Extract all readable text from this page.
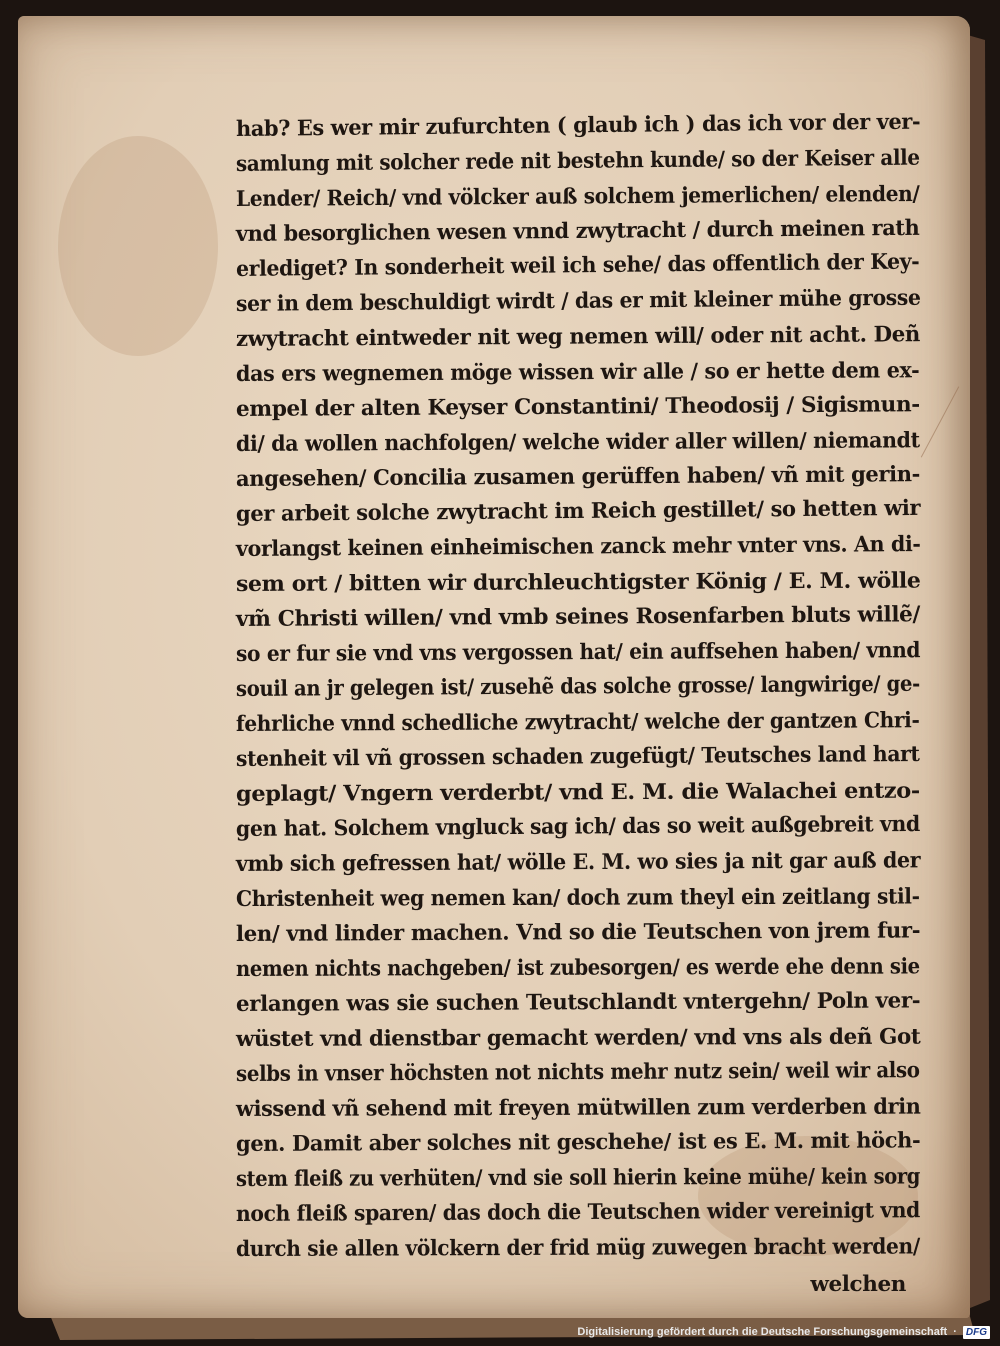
hab? Es wer mir zufurchten ( glaub ich ) das ich vor der ver-
samlung mit solcher rede nit bestehn kunde/ so der Keiser alle
Lender/ Reich/ vnd völcker auß solchem jemerlichen/ elenden/
vnd besorglichen wesen vnnd zwytracht / durch meinen rath
erlediget? In sonderheit weil ich sehe/ das offentlich der Key-
ser in dem beschuldigt wirdt / das er mit kleiner mühe grosse
zwytracht eintweder nit weg nemen will/ oder nit acht. Deñ
das ers wegnemen möge wissen wir alle / so er hette dem ex-
empel der alten Keyser Constantini/ Theodosij / Sigismun-
di/ da wollen nachfolgen/ welche wider aller willen/ niemandt
angesehen/ Concilia zusamen gerüffen haben/ vñ mit gerin-
ger arbeit solche zwytracht im Reich gestillet/ so hetten wir
vorlangst keinen einheimischen zanck mehr vnter vns. An di-
sem ort / bitten wir durchleuchtigster König / E. M. wölle
vm̃ Christi willen/ vnd vmb seines Rosenfarben bluts willẽ/
so er fur sie vnd vns vergossen hat/ ein auffsehen haben/ vnnd
souil an jr gelegen ist/ zusehẽ das solche grosse/ langwirige/ ge-
fehrliche vnnd schedliche zwytracht/ welche der gantzen Chri-
stenheit vil vñ grossen schaden zugefügt/ Teutsches land hart
geplagt/ Vngern verderbt/ vnd E. M. die Walachei entzo-
gen hat. Solchem vngluck sag ich/ das so weit außgebreit vnd
vmb sich gefressen hat/ wölle E. M. wo sies ja nit gar auß der
Christenheit weg nemen kan/ doch zum theyl ein zeitlang stil-
len/ vnd linder machen. Vnd so die Teutschen von jrem fur-
nemen nichts nachgeben/ ist zubesorgen/ es werde ehe denn sie
erlangen was sie suchen Teutschlandt vntergehn/ Poln ver-
wüstet vnd dienstbar gemacht werden/ vnd vns als deñ Got
selbs in vnser höchsten not nichts mehr nutz sein/ weil wir also
wissend vñ sehend mit freyen mütwillen zum verderben drin
gen. Damit aber solches nit geschehe/ ist es E. M. mit höch-
stem fleiß zu verhüten/ vnd sie soll hierin keine mühe/ kein sorg
noch fleiß sparen/ das doch die Teutschen wider vereinigt vnd
durch sie allen völckern der frid müg zuwegen bracht werden/
welchen
Digitalisierung gefördert durch die Deutsche Forschungsgemeinschaft · DFG
